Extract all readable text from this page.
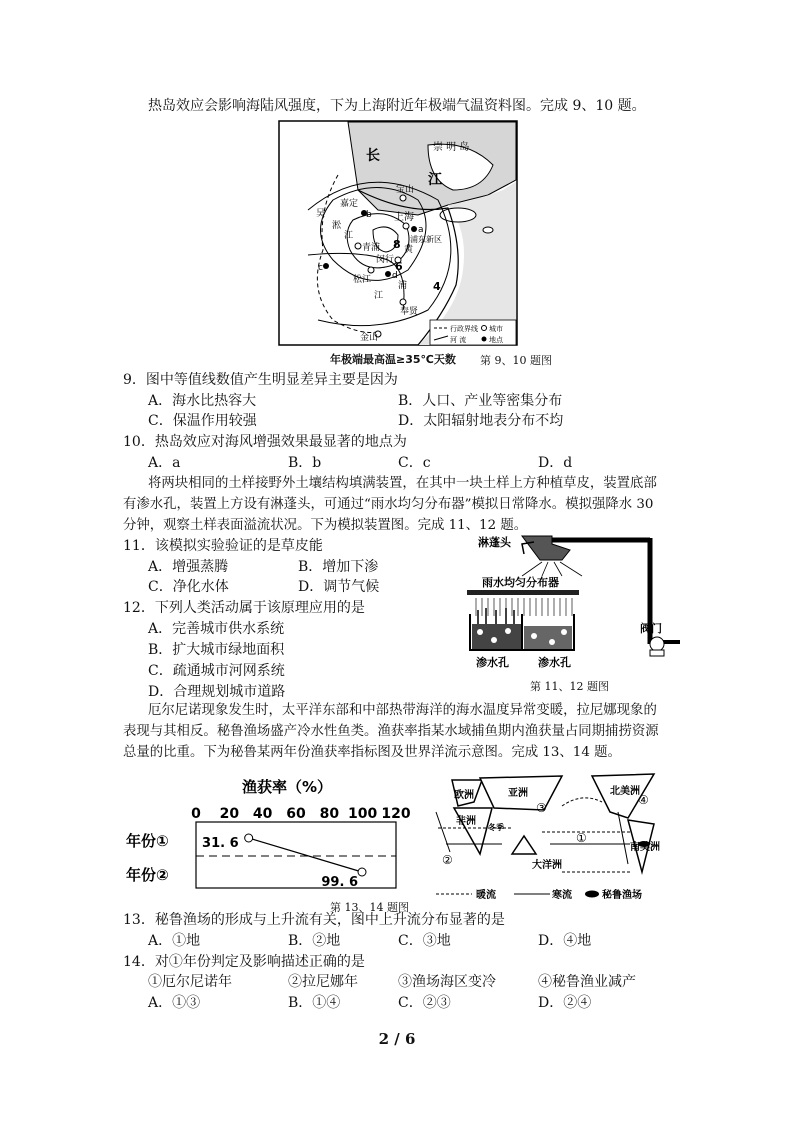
热岛效应会影响海陆风强度，下为上海附近年极端气温资料图。完成 9、10 题。
长
江
崇 明 岛
宝山
嘉定
b 上海
a
浦东新区
8
青浦
闵行 6
4
c
松江 d
奉贤
金山
吴
淞
江
黄
浦
江
行政界线 城市
河 流	地点
年极端最高温≥35℃天数 第 9、10 题图
9．图中等值线数值产生明显差异主要是因为
A．海水比热容大	B．人口、产业等密集分布
C．保温作用较强	D．太阳辐射地表分布不均
10．热岛效应对海风增强效果最显著的地点为
A．a	B．b	C．c	D．d
将两块相同的土样接野外土壤结构填满装置，在其中一块土样上方种植草皮，装置底部
有渗水孔，装置上方设有淋蓬头，可通过“雨水均匀分布器”模拟日常降水。模拟强降水 30
分钟，观察土样表面溢流状况。下为模拟装置图。完成 11、12 题。
11．该模拟实验验证的是草皮能
A．增强蒸腾	B．增加下渗
C．净化水体	D．调节气候
12．下列人类活动属于该原理应用的是
A．完善城市供水系统
B．扩大城市绿地面积
C．疏通城市河网系统
D．合理规划城市道路
淋蓬头
阀门
雨水均匀分布器
渗水孔	渗水孔
第 11、12 题图
厄尔尼诺现象发生时，太平洋东部和中部热带海洋的海水温度异常变暖，拉尼娜现象的
表现与其相反。秘鲁渔场盛产冷水性鱼类。渔获率指某水域捕鱼期内渔获量占同期捕捞资源
总量的比重。下为秘鲁某两年份渔获率指标图及世界洋流示意图。完成 13、14 题。
渔获率（%）
0 20 40 60 80 100 120
年份①
年份②
31. 6
99. 6
欧洲	亚洲
非洲
北美洲
南美洲
大洋洲
冬季
①
②
③
④
暖流	寒流	秘鲁渔场
第 13、14 题图
13．秘鲁渔场的形成与上升流有关，图中上升流分布显著的是
A．①地	B．②地	C．③地	D．④地
14．对①年份判定及影响描述正确的是
①厄尔尼诺年	②拉尼娜年	③渔场海区变冷	④秘鲁渔业减产
A．①③	B．①④	C．②③	D．②④
2 / 6
